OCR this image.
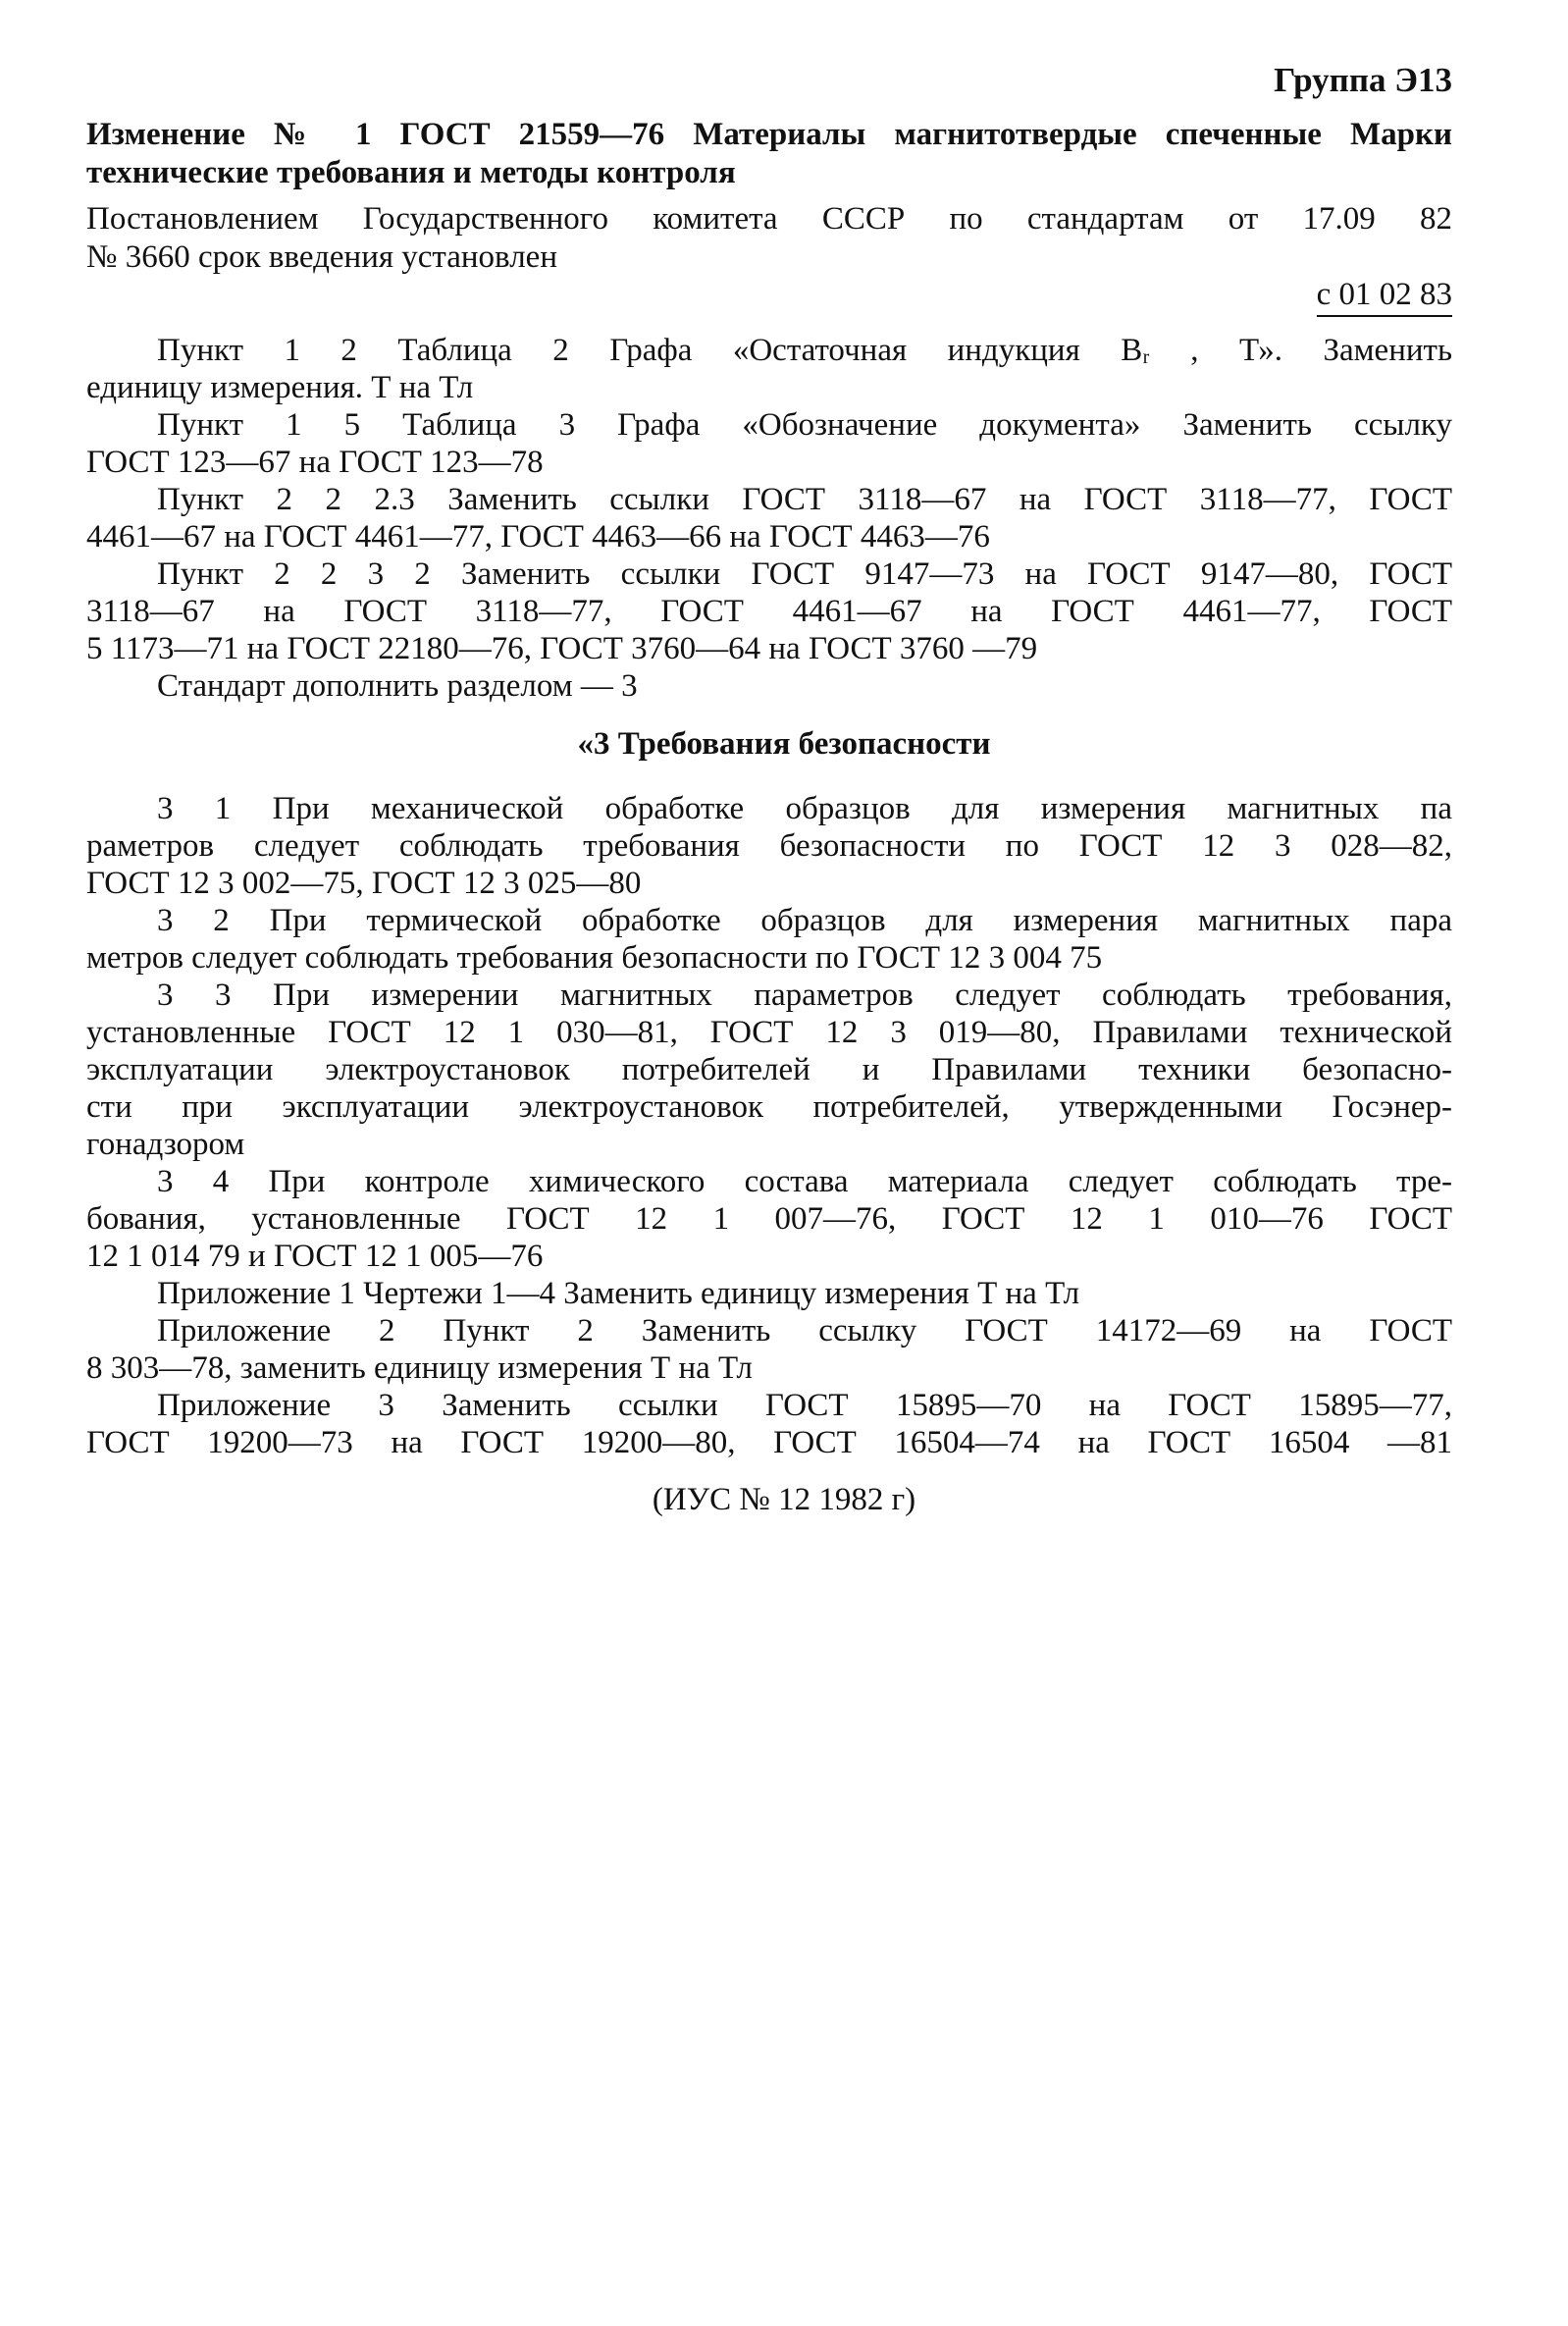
Группа Э13
Изменение № 1 ГОСТ 21559—76 Материалы магнитотвердые спеченные Марки
технические требования и методы контроля
Постановлением Государственного комитета СССР по стандартам от 17.09 82
№ 3660 срок введения установлен
с 01 02 83
Пункт 1 2 Таблица 2 Графа «Остаточная индукция Bᵣ , Т». Заменить
единицу измерения. Т на Тл
Пункт 1 5 Таблица 3 Графа «Обозначение документа» Заменить ссылку
ГОСТ 123—67 на ГОСТ 123—78
Пункт 2 2 2.3 Заменить ссылки ГОСТ 3118—67 на ГОСТ 3118—77, ГОСТ
4461—67 на ГОСТ 4461—77, ГОСТ 4463—66 на ГОСТ 4463—76
Пункт 2 2 3 2 Заменить ссылки ГОСТ 9147—73 на ГОСТ 9147—80, ГОСТ
3118—67 на ГОСТ 3118—77, ГОСТ 4461—67 на ГОСТ 4461—77, ГОСТ
5 1173—71 на ГОСТ 22180—76, ГОСТ 3760—64 на ГОСТ 3760 —79
Стандарт дополнить разделом — 3
«3 Требования безопасности
3 1 При механической обработке образцов для измерения магнитных па
раметров следует соблюдать требования безопасности по ГОСТ 12 3 028—82,
ГОСТ 12 3 002—75, ГОСТ 12 3 025—80
3 2 При термической обработке образцов для измерения магнитных пара
метров следует соблюдать требования безопасности по ГОСТ 12 3 004 75
3 3 При измерении магнитных параметров следует соблюдать требования,
установленные ГОСТ 12 1 030—81, ГОСТ 12 3 019—80, Правилами технической
эксплуатации электроустановок потребителей и Правилами техники безопасно-
сти при эксплуатации электроустановок потребителей, утвержденными Госэнер-
гонадзором
3 4 При контроле химического состава материала следует соблюдать тре-
бования, установленные ГОСТ 12 1 007—76, ГОСТ 12 1 010—76 ГОСТ
12 1 014 79 и ГОСТ 12 1 005—76
Приложение 1 Чертежи 1—4 Заменить единицу измерения Т на Тл
Приложение 2 Пункт 2 Заменить ссылку ГОСТ 14172—69 на ГОСТ
8 303—78, заменить единицу измерения Т на Тл
Приложение 3 Заменить ссылки ГОСТ 15895—70 на ГОСТ 15895—77,
ГОСТ 19200—73 на ГОСТ 19200—80, ГОСТ 16504—74 на ГОСТ 16504 —81
(ИУС № 12 1982 г)
